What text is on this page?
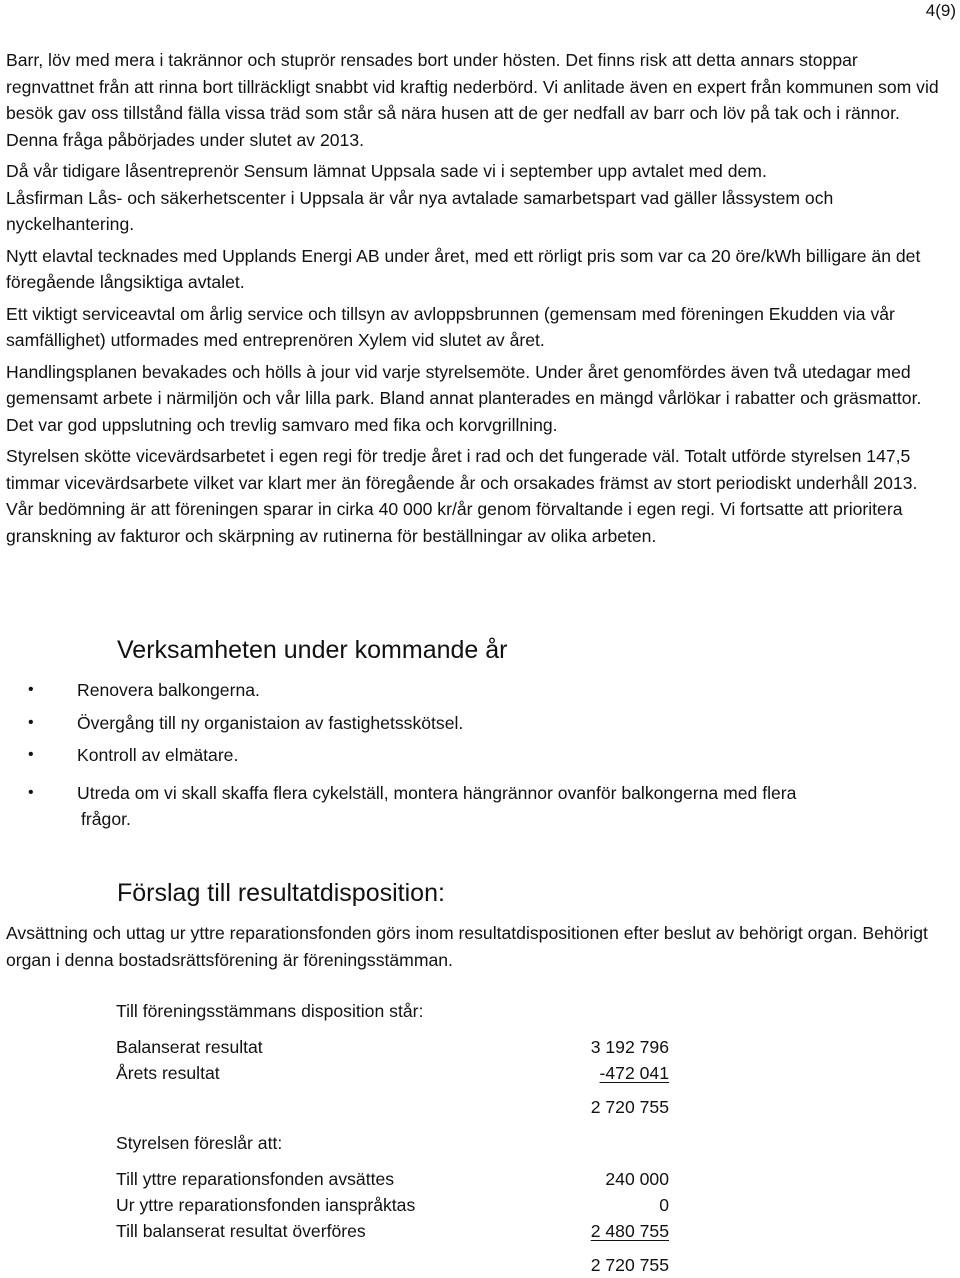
4(9)

Barr, löv med mera i takrännor och stuprör rensades bort under hösten. Det finns risk att detta annars stoppar regnvattnet från att rinna bort tillräckligt snabbt vid kraftig nederbörd. Vi anlitade även en expert från kommunen som vid besök gav oss tillstånd fälla vissa träd som står så nära husen att de ger nedfall av barr och löv på tak och i rännor. Denna fråga påbörjades under slutet av 2013.

Då vår tidigare låsentreprenör Sensum lämnat Uppsala sade vi i september upp avtalet med dem.

Låsfirman Lås- och säkerhetscenter i Uppsala är vår nya avtalade samarbetspart vad gäller låssystem och nyckelhantering.

Nytt elavtal tecknades med Upplands Energi AB under året, med ett rörligt pris som var ca 20 öre/kWh billigare än det föregående långsiktiga avtalet.

Ett viktigt serviceavtal om årlig service och tillsyn av avloppsbrunnen (gemensam med föreningen Ekudden via vår samfällighet) utformades med entreprenören Xylem vid slutet av året.

Handlingsplanen bevakades och hölls à jour vid varje styrelsemöte. Under året genomfördes även två utedagar med gemensamt arbete i närmiljön och vår lilla park. Bland annat planterades en mängd vårlökar i rabatter och gräsmattor. Det var god uppslutning och trevlig samvaro med fika och korvgrillning.

Styrelsen skötte vicevärdsarbetet i egen regi för tredje året i rad och det fungerade väl. Totalt utförde styrelsen 147,5 timmar vicevärdsarbete vilket var klart mer än föregående år och orsakades främst av stort periodiskt underhåll 2013. Vår bedömning är att föreningen sparar in cirka 40 000 kr/år genom förvaltande i egen regi. Vi fortsatte att prioritera granskning av fakturor och skärpning av rutinerna för beställningar av olika arbeten.

Verksamheten under kommande år
• Renovera balkongerna.
• Övergång till ny organistaion av fastighetsskötsel.
• Kontroll av elmätare.
• Utreda om vi skall skaffa flera cykelställ, montera hängrännor ovanför balkongerna med flera
frågor.
Förslag till resultatdisposition:
Avsättning och uttag ur yttre reparationsfonden görs inom resultatdispositionen efter beslut av behörigt organ. Behörigt organ i denna bostadsrättsförening är föreningsstämman.
Till föreningsstämmans disposition står:
Balanserat resultat	3 192 796
Årets resultat	-472 041
2 720 755
Styrelsen föreslår att:
Till yttre reparationsfonden avsättes	240 000
Ur yttre reparationsfonden ianspråktas	0
Till balanserat resultat överföres	2 480 755
2 720 755
